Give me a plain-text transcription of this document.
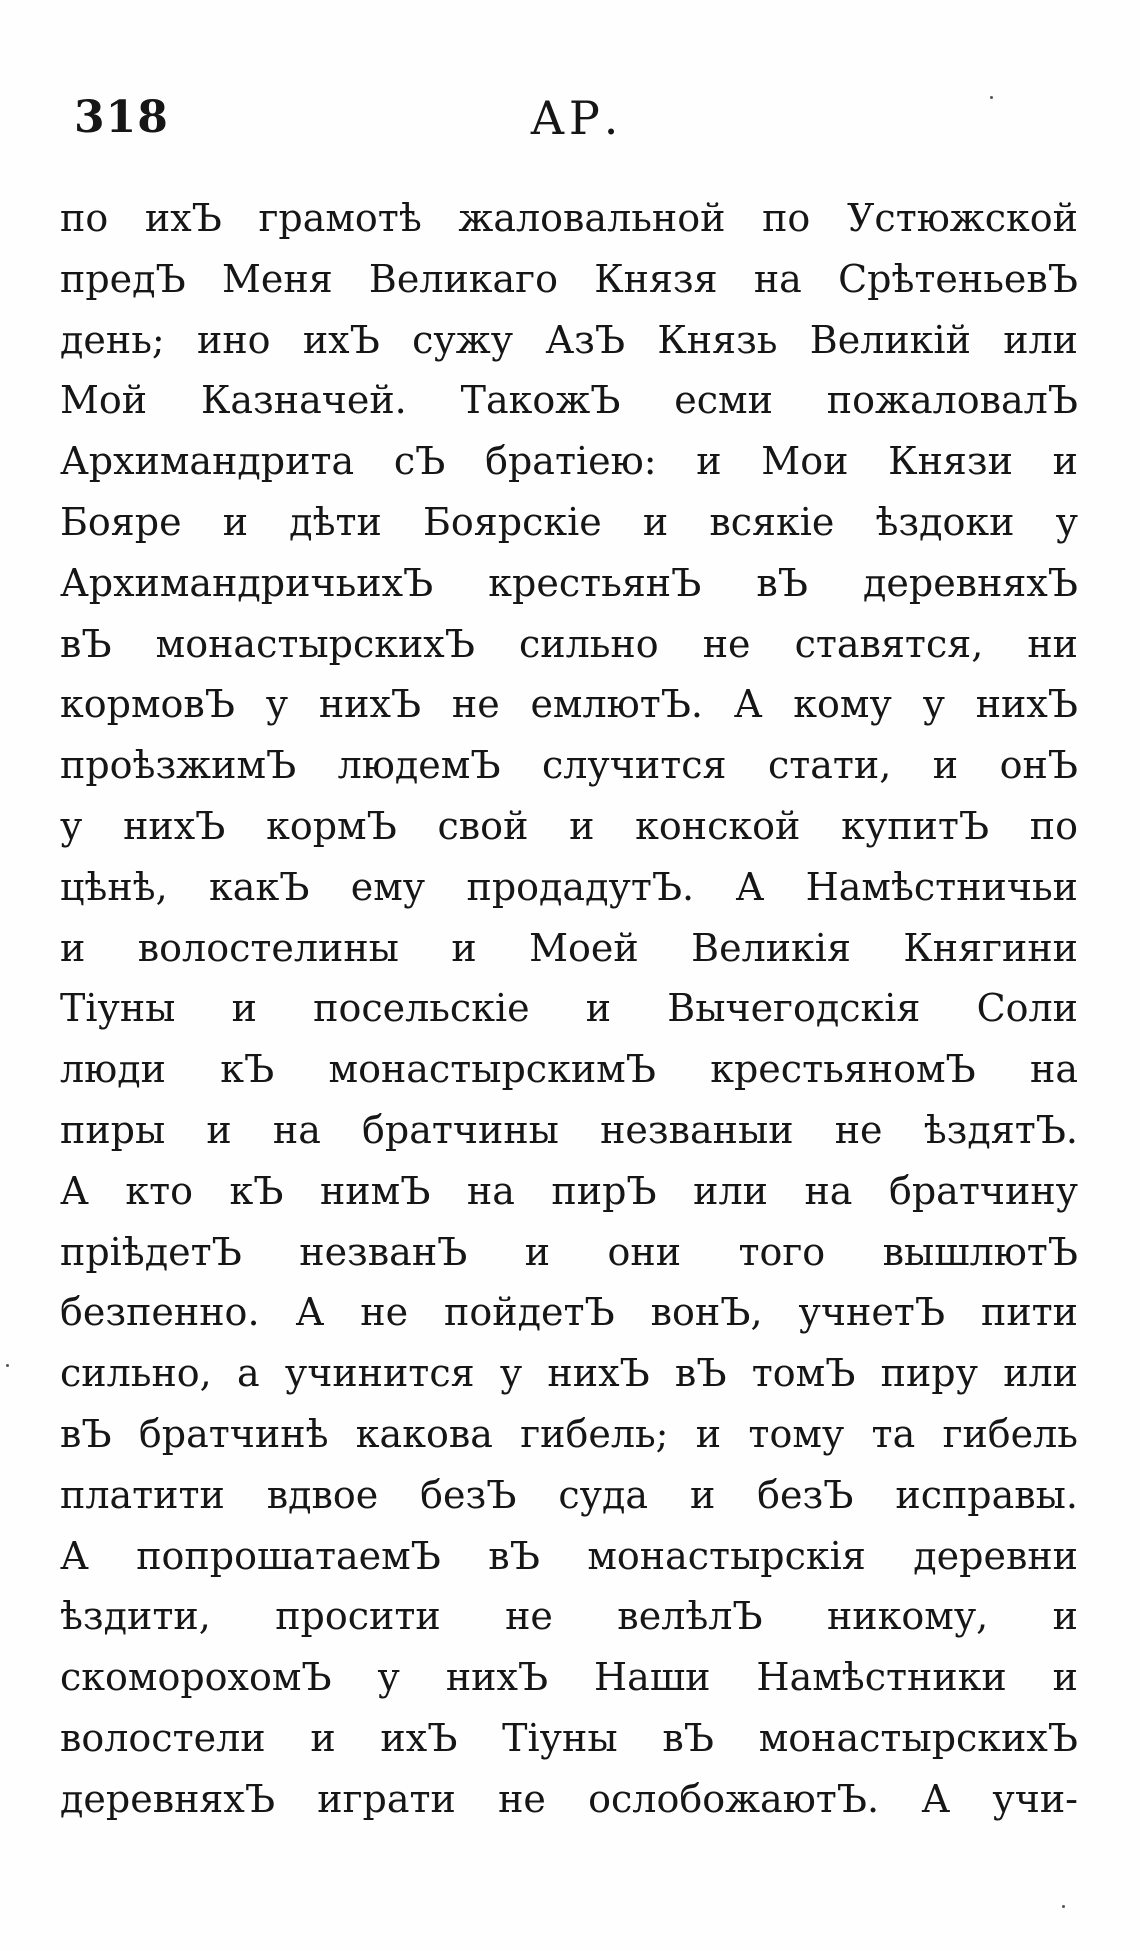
318	АР.
по ихЪ грамотѣ жаловальной по Устюжской
предЪ Меня Великаго Князя на СрѣтеньевЪ
день; ино ихЪ сужу АзЪ Князь Великій или
Мой Казначей. ТакожЪ есми пожаловалЪ
Архимандрита сЪ братіею: и Мои Князи и
Бояре и дѣти Боярскіе и всякіе ѣздоки у
АрхимандричьихЪ крестьянЪ вЪ деревняхЪ
вЪ монастырскихЪ сильно не ставятся, ни
кормовЪ у нихЪ не емлютЪ. А кому у нихЪ
проѣзжимЪ людемЪ случится стати, и онЪ
у нихЪ кормЪ свой и конской купитЪ по
цѣнѣ, какЪ ему продадутЪ. А Намѣстничьи
и волостелины и Моей Великія Княгини
Тіуны и посельскіе и Вычегодскія Соли
люди кЪ монастырскимЪ крестьяномЪ на
пиры и на братчины незваныи не ѣздятЪ.
А кто кЪ нимЪ на пирЪ или на братчину
пріѣдетЪ незванЪ и они того вышлютЪ
безпенно. А не пойдетЪ вонЪ, учнетЪ пити
сильно, а учинится у нихЪ вЪ томЪ пиру или
вЪ братчинѣ какова гибель; и тому та гибель
платити вдвое безЪ суда и безЪ исправы.
А попрошатаемЪ вЪ монастырскія деревни
ѣздити, просити не велѣлЪ никому, и
скоморохомЪ у нихЪ Наши Намѣстники и
волостели и ихЪ Тіуны вЪ монастырскихЪ
деревняхЪ играти не ослобожаютЪ. А учи-
